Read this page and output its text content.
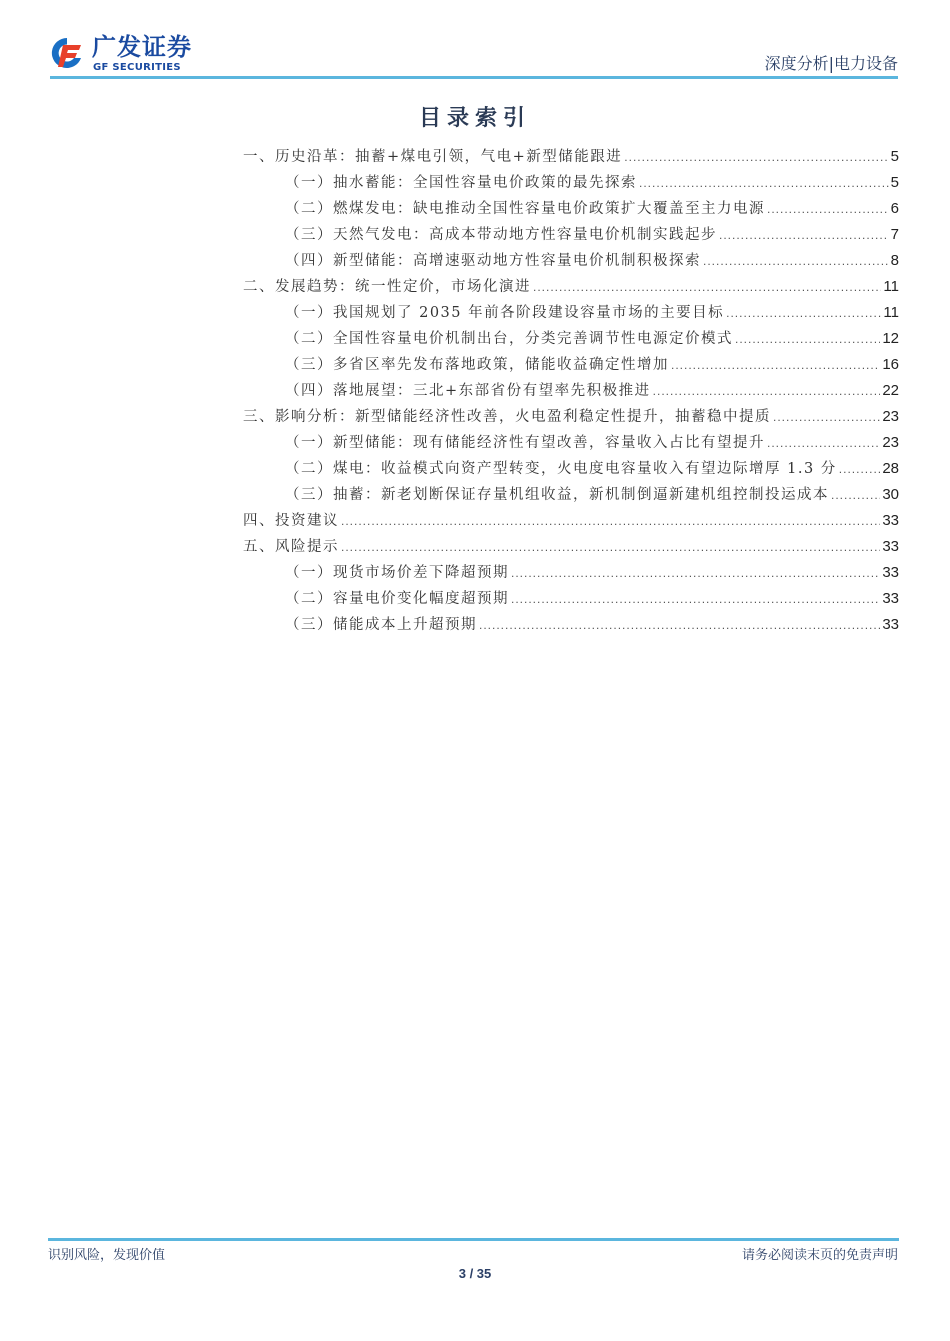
广发证券
GF SECURITIES	深度分析|电力设备
目录索引
一、历史沿革：抽蓄+煤电引领，气电+新型储能跟进 .....	5
（一）抽水蓄能：全国性容量电价政策的最先探索 .....	5
（二）燃煤发电：缺电推动全国性容量电价政策扩大覆盖至主力电源 .....	6
（三）天然气发电：高成本带动地方性容量电价机制实践起步 .....	7
（四）新型储能：高增速驱动地方性容量电价机制积极探索 .....	8
二、发展趋势：统一性定价，市场化演进 .....	11
（一）我国规划了 2035 年前各阶段建设容量市场的主要目标 .....	11
（二）全国性容量电价机制出台，分类完善调节性电源定价模式 .....	12
（三）多省区率先发布落地政策，储能收益确定性增加 .....	16
（四）落地展望：三北+东部省份有望率先积极推进 .....	22
三、影响分析：新型储能经济性改善，火电盈利稳定性提升，抽蓄稳中提质 .....	23
（一）新型储能：现有储能经济性有望改善，容量收入占比有望提升 .....	23
（二）煤电：收益模式向资产型转变，火电度电容量收入有望边际增厚 1.3 分 .....	28
（三）抽蓄：新老划断保证存量机组收益，新机制倒逼新建机组控制投运成本 .....	30
四、投资建议 .....	33
五、风险提示 .....	33
（一）现货市场价差下降超预期 .....	33
（二）容量电价变化幅度超预期 .....	33
（三）储能成本上升超预期 .....	33
识别风险，发现价值	请务必阅读末页的免责声明
3 / 35
